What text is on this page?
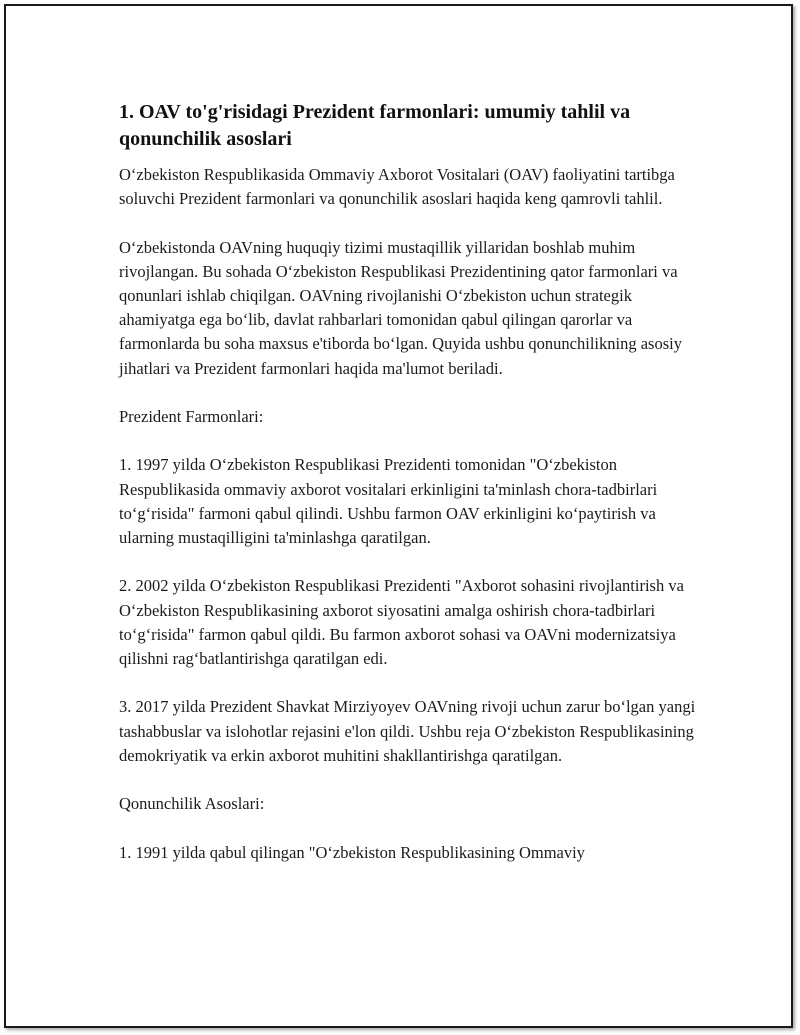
1. OAV to'g'risidagi Prezident farmonlari: umumiy tahlil va qonunchilik asoslari

O‘zbekiston Respublikasida Ommaviy Axborot Vositalari (OAV) faoliyatini tartibga soluvchi Prezident farmonlari va qonunchilik asoslari haqida keng qamrovli tahlil.

O‘zbekistonda OAVning huquqiy tizimi mustaqillik yillaridan boshlab muhim rivojlangan. Bu sohada O‘zbekiston Respublikasi Prezidentining qator farmonlari va qonunlari ishlab chiqilgan. OAVning rivojlanishi O‘zbekiston uchun strategik ahamiyatga ega bo‘lib, davlat rahbarlari tomonidan qabul qilingan qarorlar va farmonlarda bu soha maxsus e'tiborda bo‘lgan. Quyida ushbu qonunchilikning asosiy jihatlari va Prezident farmonlari haqida ma'lumot beriladi.

Prezident Farmonlari:

1. 1997 yilda O‘zbekiston Respublikasi Prezidenti tomonidan "O‘zbekiston Respublikasida ommaviy axborot vositalari erkinligini ta'minlash chora-tadbirlari to‘g‘risida" farmoni qabul qilindi. Ushbu farmon OAV erkinligini ko‘paytirish va ularning mustaqilligini ta'minlashga qaratilgan.

2. 2002 yilda O‘zbekiston Respublikasi Prezidenti "Axborot sohasini rivojlantirish va O‘zbekiston Respublikasining axborot siyosatini amalga oshirish chora-tadbirlari to‘g‘risida" farmon qabul qildi. Bu farmon axborot sohasi va OAVni modernizatsiya qilishni rag‘batlantirishga qaratilgan edi.

3. 2017 yilda Prezident Shavkat Mirziyoyev OAVning rivoji uchun zarur bo‘lgan yangi tashabbuslar va islohotlar rejasini e'lon qildi. Ushbu reja O‘zbekiston Respublikasining demokriyatik va erkin axborot muhitini shakllantirishga qaratilgan.

Qonunchilik Asoslari:

1. 1991 yilda qabul qilingan "O‘zbekiston Respublikasining Ommaviy
